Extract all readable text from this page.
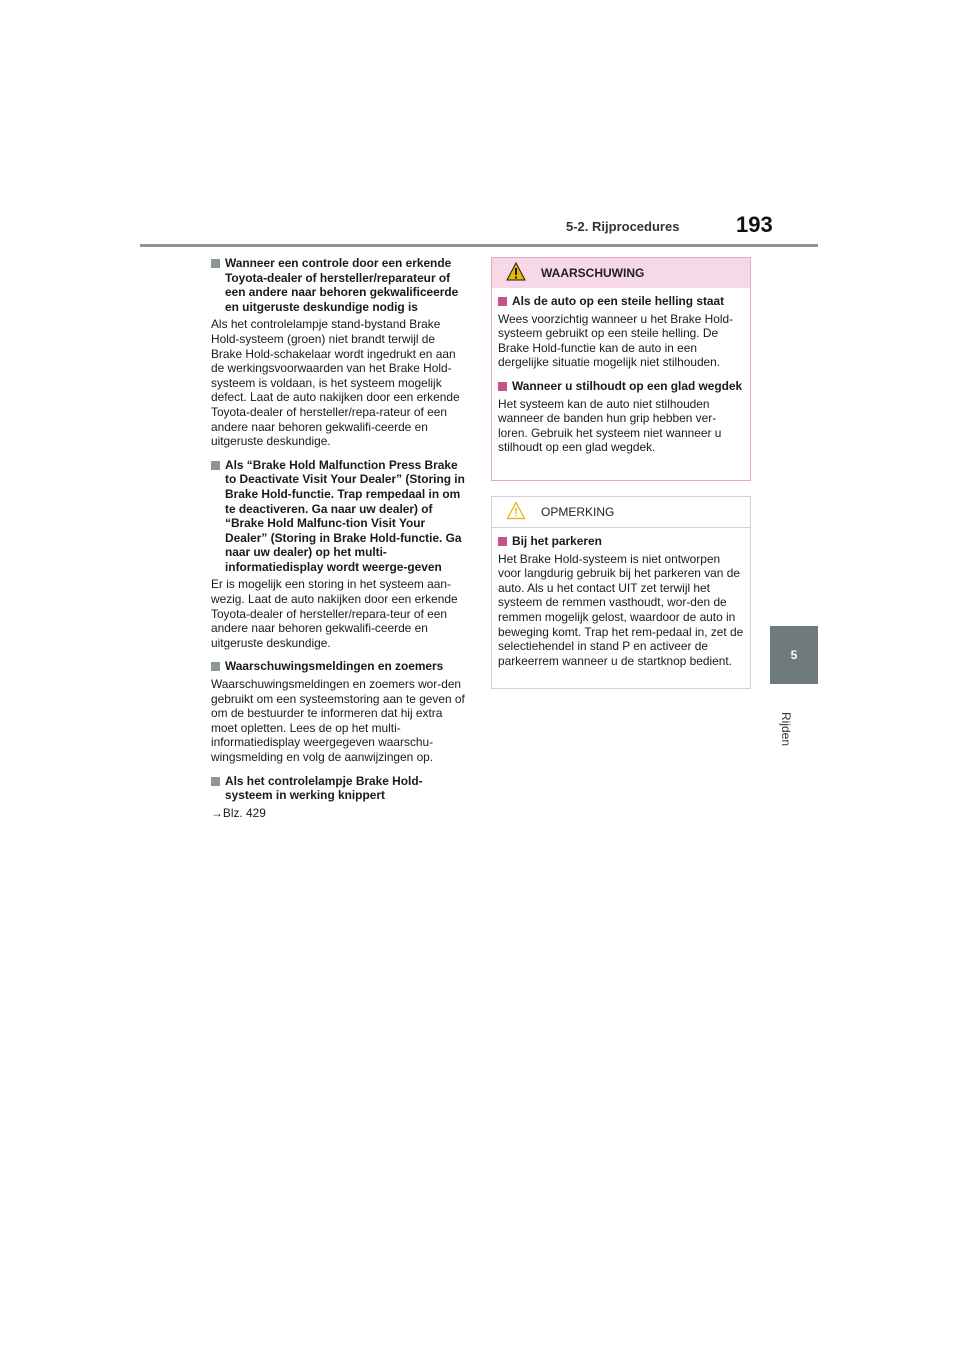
5-2. Rijprocedures	193
5
Rijden
Wanneer een controle door een erkende Toyota-dealer of hersteller/reparateur of een andere naar behoren gekwalificeerde en uitgeruste deskundige nodig is

Als het controlelampje stand-bystand Brake Hold-systeem (groen) niet brandt terwijl de Brake Hold-schakelaar wordt ingedrukt en aan de werkingsvoorwaarden van het Brake Hold-systeem is voldaan, is het systeem mogelijk defect. Laat de auto nakijken door een erkende Toyota-dealer of hersteller/repa-rateur of een andere naar behoren gekwalifi-ceerde en uitgeruste deskundige.

Als “Brake Hold Malfunction Press Brake to Deactivate Visit Your Dealer” (Storing in Brake Hold-functie. Trap rempedaal in om te deactiveren. Ga naar uw dealer) of “Brake Hold Malfunc-tion Visit Your Dealer” (Storing in Brake Hold-functie. Ga naar uw dealer) op het multi-informatiedisplay wordt weerge-geven

Er is mogelijk een storing in het systeem aan-wezig. Laat de auto nakijken door een erkende Toyota-dealer of hersteller/repara-teur of een andere naar behoren gekwalifi-ceerde en uitgeruste deskundige.

Waarschuwingsmeldingen en zoemers

Waarschuwingsmeldingen en zoemers wor-den gebruikt om een systeemstoring aan te geven of om de bestuurder te informeren dat hij extra moet opletten. Lees de op het multi-informatiedisplay weergegeven waarschu-wingsmelding en volg de aanwijzingen op.

Als het controlelampje Brake Hold-systeem in werking knippert

→Blz. 429

WAARSCHUWING
Als de auto op een steile helling staat

Wees voorzichtig wanneer u het Brake Hold-systeem gebruikt op een steile helling. De Brake Hold-functie kan de auto in een dergelijke situatie mogelijk niet stilhouden.

Wanneer u stilhoudt op een glad wegdek

Het systeem kan de auto niet stilhouden wanneer de banden hun grip hebben ver-loren. Gebruik het systeem niet wanneer u stilhoudt op een glad wegdek.

OPMERKING
Bij het parkeren

Het Brake Hold-systeem is niet ontworpen voor langdurig gebruik bij het parkeren van de auto. Als u het contact UIT zet terwijl het systeem de remmen vasthoudt, wor-den de remmen mogelijk gelost, waardoor de auto in beweging komt. Trap het rem-pedaal in, zet de selectiehendel in stand P en activeer de parkeerrem wanneer u de startknop bedient.
